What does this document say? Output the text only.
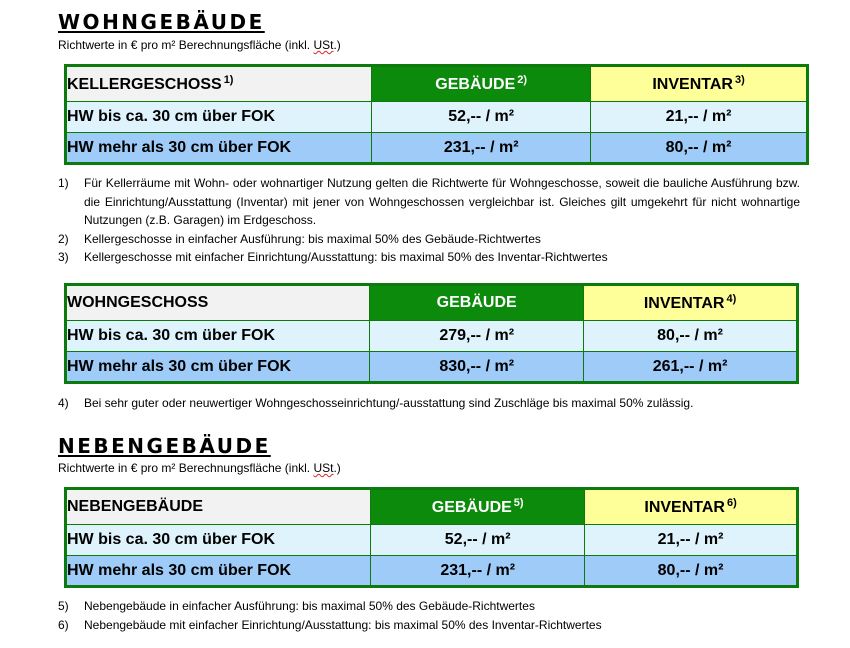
WOHNGEBÄUDE
Richtwerte in € pro m² Berechnungsfläche (inkl. USt.)
KELLERGESCHOSS $^{1)}$	GEBÄUDE $^{2)}$	INVENTAR $^{3)}$
HW bis ca. 30 cm über FOK	52,-- / m²	21,-- / m²
HW mehr als 30 cm über FOK	231,-- / m²	80,-- / m²
1) Für Kellerräume mit Wohn- oder wohnartiger Nutzung gelten die Richtwerte für Wohngeschosse, soweit die bauliche Ausführung bzw. die Einrichtung/Ausstattung (Inventar) mit jener von Wohngeschossen vergleichbar ist. Gleiches gilt umgekehrt für nicht wohnartige Nutzungen (z.B. Garagen) im Erdgeschoss.
2) Kellergeschosse in einfacher Ausführung: bis maximal 50% des Gebäude-Richtwertes
3) Kellergeschosse mit einfacher Einrichtung/Ausstattung: bis maximal 50% des Inventar-Richtwertes
WOHNGESCHOSS	GEBÄUDE	INVENTAR $^{4)}$
HW bis ca. 30 cm über FOK	279,-- / m²	80,-- / m²
HW mehr als 30 cm über FOK	830,-- / m²	261,-- / m²
4) Bei sehr guter oder neuwertiger Wohngeschosseinrichtung/-ausstattung sind Zuschläge bis maximal 50% zulässig.
NEBENGEBÄUDE
Richtwerte in € pro m² Berechnungsfläche (inkl. USt.)
NEBENGEBÄUDE	GEBÄUDE $^{5)}$	INVENTAR $^{6)}$
HW bis ca. 30 cm über FOK	52,-- / m²	21,-- / m²
HW mehr als 30 cm über FOK	231,-- / m²	80,-- / m²
5) Nebengebäude in einfacher Ausführung: bis maximal 50% des Gebäude-Richtwertes
6) Nebengebäude mit einfacher Einrichtung/Ausstattung: bis maximal 50% des Inventar-Richtwertes
